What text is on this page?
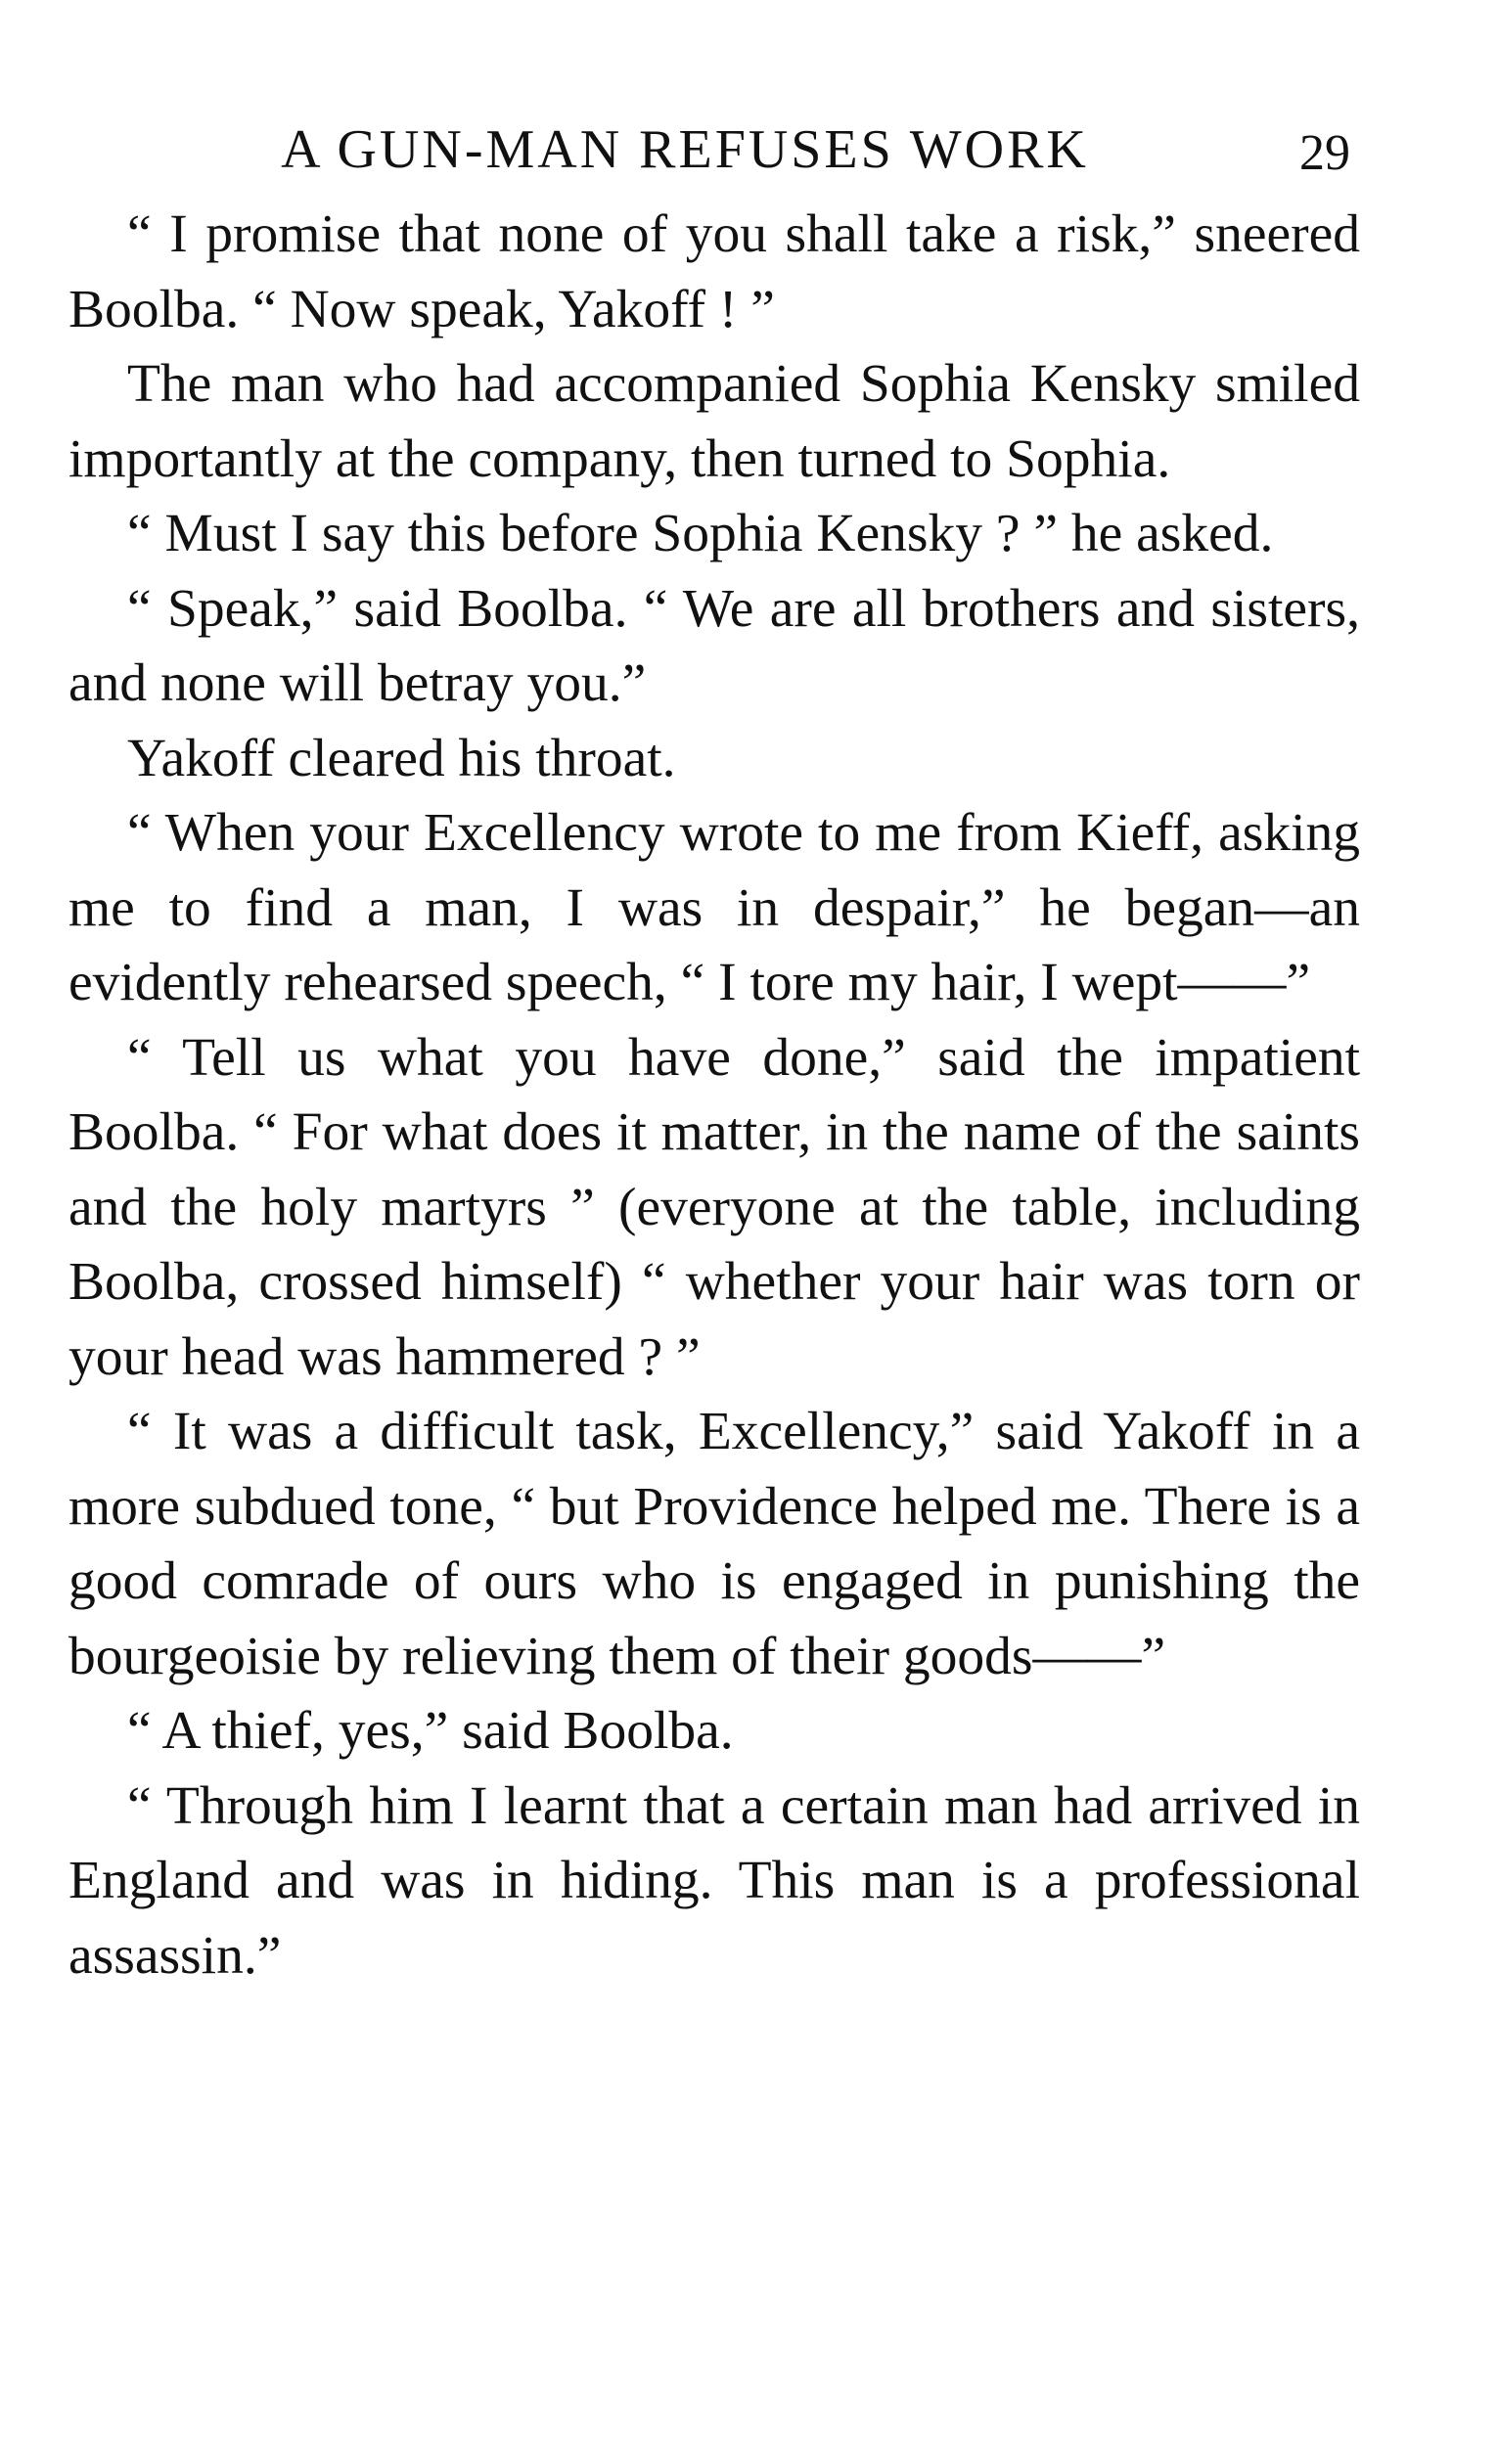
A GUN-MAN REFUSES WORK	29

“ I promise that none of you shall take a risk,” sneered Boolba. “ Now speak, Yakoff ! ”

The man who had accompanied Sophia Kensky smiled importantly at the company, then turned to Sophia.

“ Must I say this before Sophia Kensky ? ” he asked.

“ Speak,” said Boolba. “ We are all brothers and sisters, and none will betray you.”

Yakoff cleared his throat.

“ When your Excellency wrote to me from Kieff, asking me to find a man, I was in despair,” he began—an evidently rehearsed speech, “ I tore my hair, I wept——”

“ Tell us what you have done,” said the impatient Boolba. “ For what does it matter, in the name of the saints and the holy martyrs ” (everyone at the table, including Boolba, crossed himself) “ whether your hair was torn or your head was hammered ? ”

“ It was a difficult task, Excellency,” said Yakoff in a more subdued tone, “ but Providence helped me. There is a good comrade of ours who is engaged in punishing the bourgeoisie by relieving them of their goods——”

“ A thief, yes,” said Boolba.

“ Through him I learnt that a certain man had arrived in England and was in hiding. This man is a professional assassin.”
